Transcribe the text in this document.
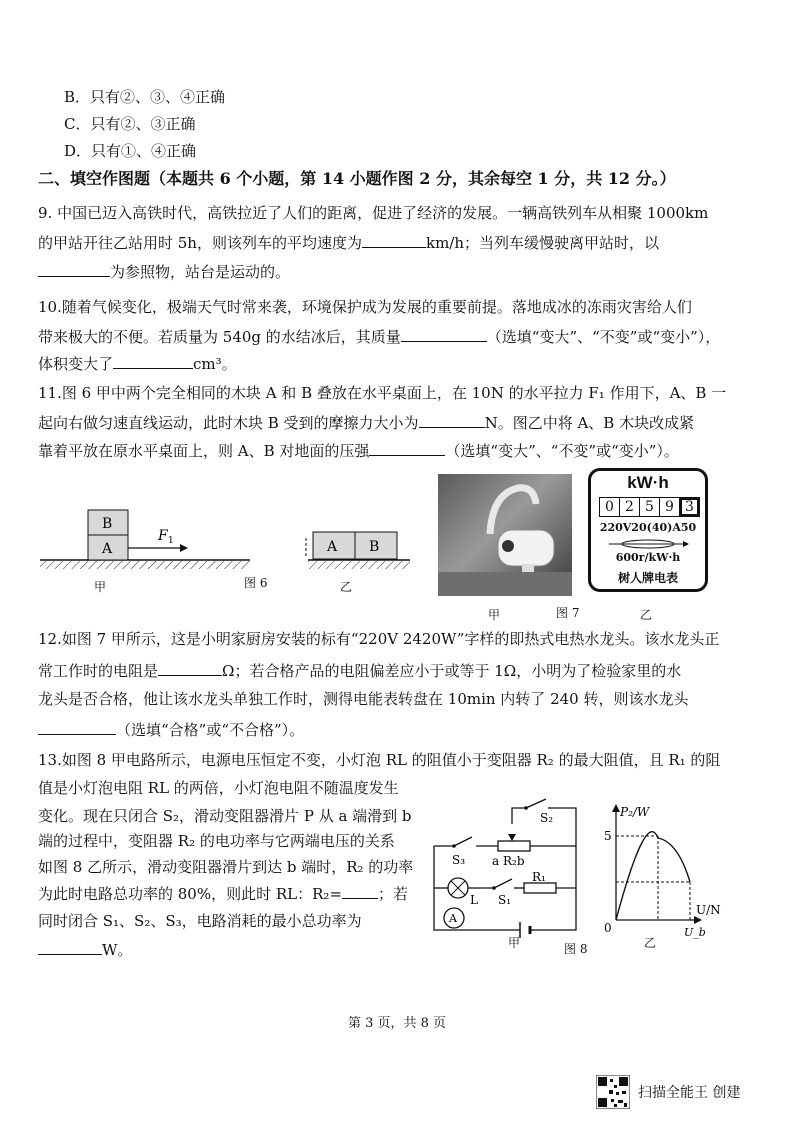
B．只有②、③、④正确
C．只有②、③正确
D．只有①、④正确
二、填空作图题（本题共 6 个小题，第 14 小题作图 2 分，其余每空 1 分，共 12 分。）
9. 中国已迈入高铁时代，高铁拉近了人们的距离，促进了经济的发展。一辆高铁列车从相聚 1000km
的甲站开往乙站用时 5h，则该列车的平均速度为	km/h；当列车缓慢驶离甲站时，以
为参照物，站台是运动的。
10.随着气候变化，极端天气时常来袭，环境保护成为发展的重要前提。落地成冰的冻雨灾害给人们
带来极大的不便。若质量为 540g 的水结冰后，其质量	（选填“变大”、“不变”或“变小”），
体积变大了	cm³。
11.图 6 甲中两个完全相同的木块 A 和 B 叠放在水平桌面上，在 10N 的水平拉力 F₁ 作用下，A、B 一
起向右做匀速直线运动，此时木块 B 受到的摩擦力大小为	N。图乙中将 A、B 木块改成紧
靠着平放在原水平桌面上，则 A、B 对地面的压强	（选填“变大”、“不变”或“变小”）。
B
A
F 1	A B
甲	图 6	乙
kW·h
0 2 5 9 3
220V20(40)A50
600r/kW·h
树人牌电表
甲	图 7	乙
12.如图 7 甲所示，这是小明家厨房安装的标有“220V 2420W”字样的即热式电热水龙头。该水龙头正
常工作时的电阻是	Ω；若合格产品的电阻偏差应小于或等于 1Ω，小明为了检验家里的水
龙头是否合格，他让该水龙头单独工作时，测得电能表转盘在 10min 内转了 240 转，则该水龙头
（选填“合格”或“不合格”）。
13.如图 8 甲电路所示，电源电压恒定不变，小灯泡 RL 的阻值小于变阻器 R₂ 的最大阻值，且 R₁ 的阻
值是小灯泡电阻 RL 的两倍，小灯泡电阻不随温度发生
变化。现在只闭合 S₂，滑动变阻器滑片 P 从 a 端滑到 b
端的过程中，变阻器 R₂ 的电功率与它两端电压的关系
如图 8 乙所示，滑动变阻器滑片到达 b 端时，R₂ 的功率
为此时电路总功率的 80%，则此时 RL：R₂= ；若
同时闭合 S₁、S₂、S₃，电路消耗的最小总功率为
W。
S₂
S₃ a R₂b
L S₁
R₁
A
P₂/W
5
0
U/N
U_b
甲	图 8	乙
第 3 页，共 8 页
扫描全能王 创建
